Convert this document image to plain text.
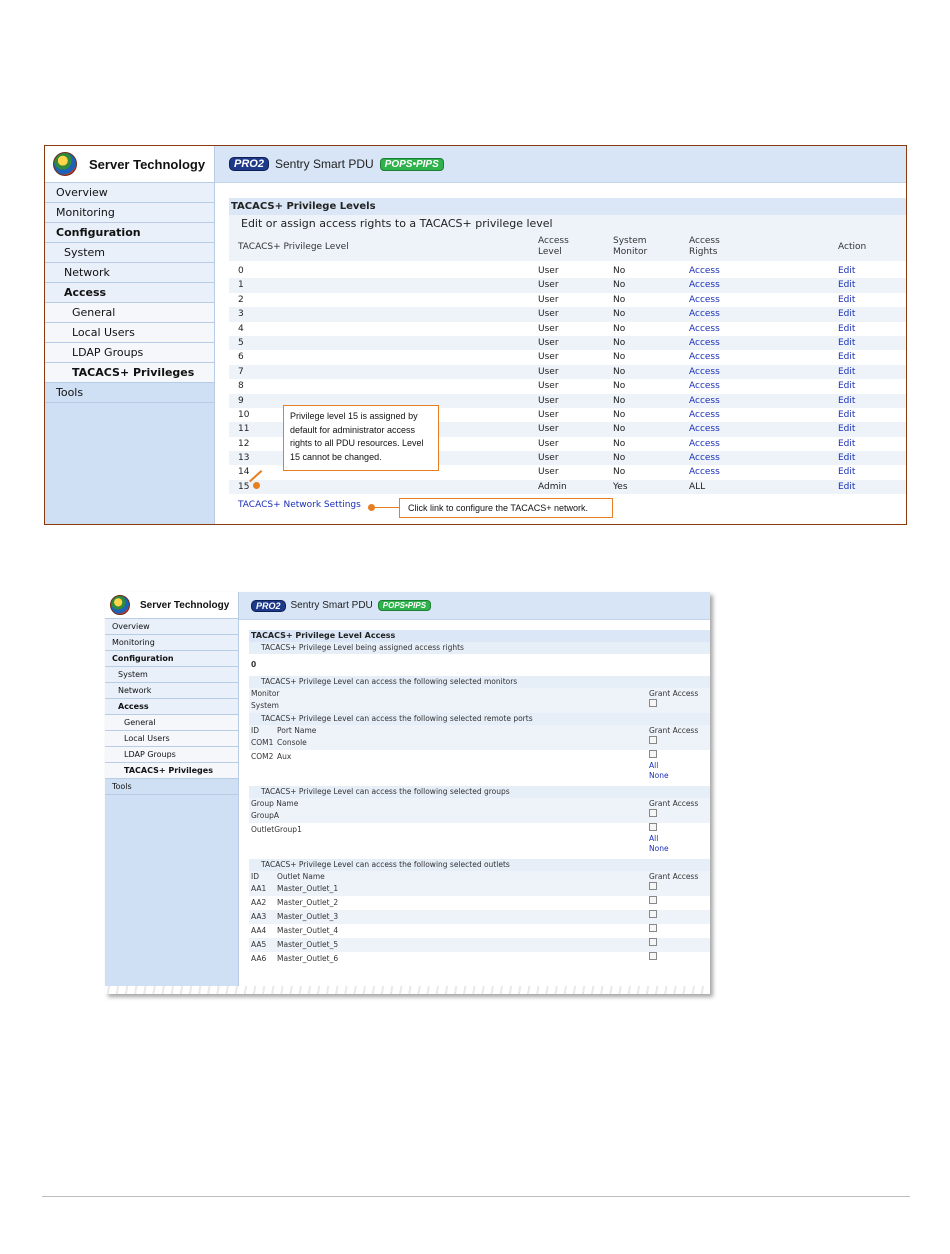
Server Technology
Overview
Monitoring
Configuration
System
Network
Access
General
Local Users
LDAP Groups
TACACS+ Privileges
Tools
PRO2 Sentry Smart PDU	POPS•PIPS
TACACS+ Privilege Levels
Edit or assign access rights to a TACACS+ privilege level
TACACS+ Privilege Level
Access
Level
System
Monitor
Access
Rights	Action
0	User	No	Access	Edit
1	User	No	Access	Edit
2	User	No	Access	Edit
3	User	No	Access	Edit
4	User	No	Access	Edit
5	User	No	Access	Edit
6	User	No	Access	Edit
7	User	No	Access	Edit
8	User	No	Access	Edit
9	User	No	Access	Edit
10	User	No	Access	Edit
11	User	No	Access	Edit
12	User	No	Access	Edit
13	User	No	Access	Edit
14	User	No	Access	Edit
15	Admin	Yes	ALL	Edit
TACACS+ Network Settings
Privilege level 15 is assigned by default for administrator access rights to all PDU resources. Level 15 cannot be changed.
Click link to configure the TACACS+ network.
Server Technology
Overview
Monitoring
Configuration
System
Network
Access
General
Local Users
LDAP Groups
TACACS+ Privileges
Tools
PRO2	Sentry Smart PDU	POPS•PIPS
TACACS+ Privilege Level Access
TACACS+ Privilege Level being assigned access rights
0
TACACS+ Privilege Level can access the following selected monitors
Monitor	Grant Access
System
TACACS+ Privilege Level can access the following selected remote ports
ID Port Name	Grant Access
COM1 Console
COM2 Aux
All
None
TACACS+ Privilege Level can access the following selected groups
Group Name	Grant Access
GroupA
OutletGroup1
All
None
TACACS+ Privilege Level can access the following selected outlets
ID Outlet Name	Grant Access
AA1 Master_Outlet_1
AA2 Master_Outlet_2
AA3 Master_Outlet_3
AA4 Master_Outlet_4
AA5 Master_Outlet_5
AA6 Master_Outlet_6
